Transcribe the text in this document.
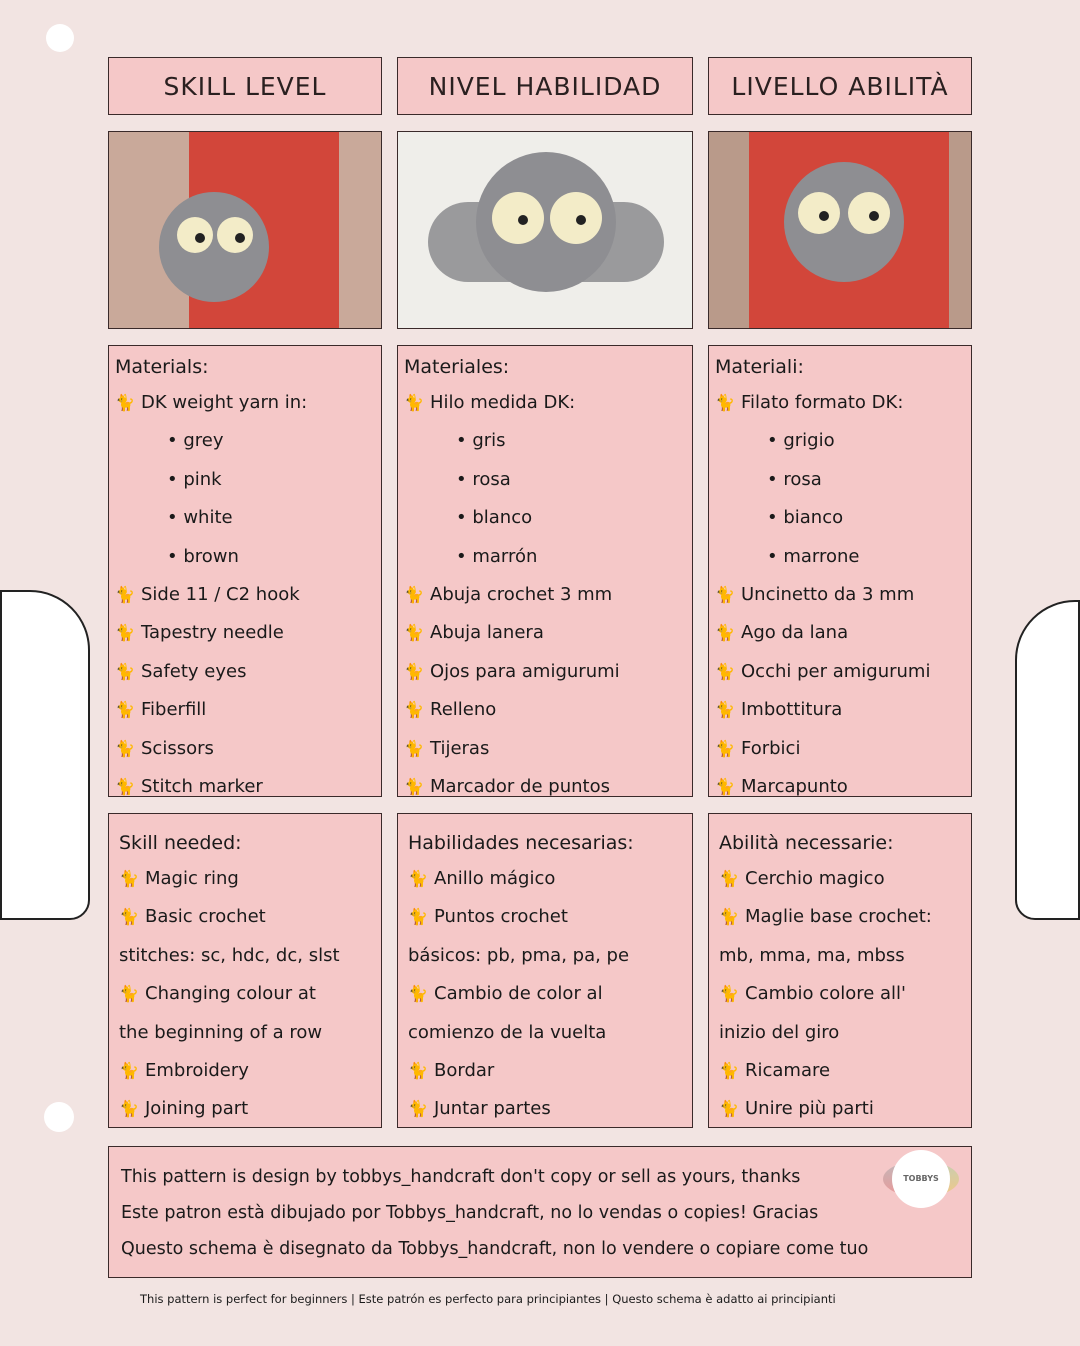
SKILL LEVEL	NIVEL HABILIDAD	LIVELLO ABILITÀ
Materials:
🐈 DK weight yarn in:
• grey
• pink
• white
• brown
🐈 Side 11 / C2 hook
🐈 Tapestry needle
🐈 Safety eyes
🐈 Fiberfill
🐈 Scissors
🐈 Stitch marker
Materiales:
🐈 Hilo medida DK:
• gris
• rosa
• blanco
• marrón
🐈 Abuja crochet 3 mm
🐈 Abuja lanera
🐈 Ojos para amigurumi
🐈 Relleno
🐈 Tijeras
🐈 Marcador de puntos
Materiali:
🐈 Filato formato DK:
• grigio
• rosa
• bianco
• marrone
🐈 Uncinetto da 3 mm
🐈 Ago da lana
🐈 Occhi per amigurumi
🐈 Imbottitura
🐈 Forbici
🐈 Marcapunto
Skill needed:
🐈 Magic ring
🐈 Basic crochet
stitches: sc, hdc, dc, slst
🐈 Changing colour at
the beginning of a row
🐈 Embroidery
🐈 Joining part
Habilidades necesarias:
🐈 Anillo mágico
🐈 Puntos crochet
básicos: pb, pma, pa, pe
🐈 Cambio de color al
comienzo de la vuelta
🐈 Bordar
🐈 Juntar partes
Abilità necessarie:
🐈 Cerchio magico
🐈 Maglie base crochet:
mb, mma, ma, mbss
🐈 Cambio colore all'
inizio del giro
🐈 Ricamare
🐈 Unire più parti
This pattern is design by tobbys_handcraft don't copy or sell as yours, thanks
Este patron està dibujado por Tobbys_handcraft, no lo vendas o copies! Gracias
Questo schema è disegnato da Tobbys_handcraft, non lo vendere o copiare come tuo
TOBBYS
This pattern is perfect for beginners | Este patrón es perfecto para principiantes | Questo schema è adatto ai principianti
